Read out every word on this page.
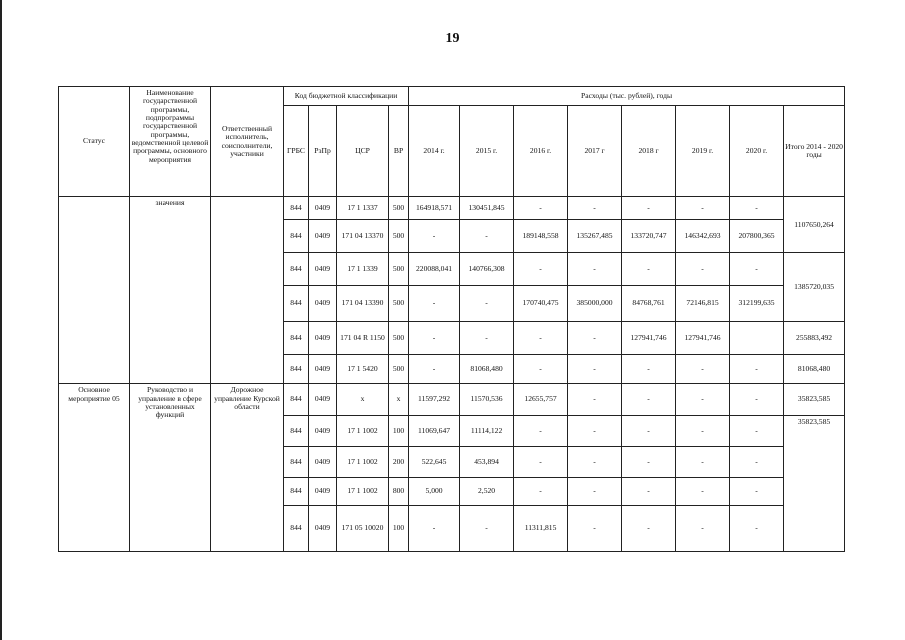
19
Статус	Наименование государственной программы, подпрограммы государственной программы, ведомственной целевой программы, основного мероприятия	Ответственный исполнитель, соисполнители, участники	Код бюджетной классификации				Расходы (тыс. рублей), годы							
			ГРБС	РзПр	ЦСР	ВР	2014 г.	2015 г.	2016 г.	2017 г	2018 г	2019 г.	2020 г.	Итого 2014 - 2020 годы
	значения		844	0409	17 1 1337	500	164918,571	130451,845	-	-	-	-	-	1107650,264
			844	0409	171 04 13370	500	-	-	189148,558	135267,485	133720,747	146342,693	207800,365	
			844	0409	17 1 1339	500	220088,041	140766,308	-	-	-	-	-	1385720,035
			844	0409	171 04 13390	500	-	-	170740,475	385000,000	84768,761	72146,815	312199,635	
			844	0409	171 04 R 1150	500	-	-	-	-	127941,746	127941,746		255883,492
			844	0409	17 1 5420	500	-	81068,480	-	-	-	-	-	81068,480
Основное мероприятие 05	Руководство и управление в сфере установленных функций	Дорожное управление Курской области	844	0409	x	x	11597,292	11570,536	12655,757	-	-	-	-	35823,585
			844	0409	17 1 1002	100	11069,647	11114,122	-	-	-	-	-	35823,585
			844	0409	17 1 1002	200	522,645	453,894	-	-	-	-	-	
			844	0409	17 1 1002	800	5,000	2,520	-	-	-	-	-	
			844	0409	171 05 10020	100	-	-	11311,815	-	-	-	-	
